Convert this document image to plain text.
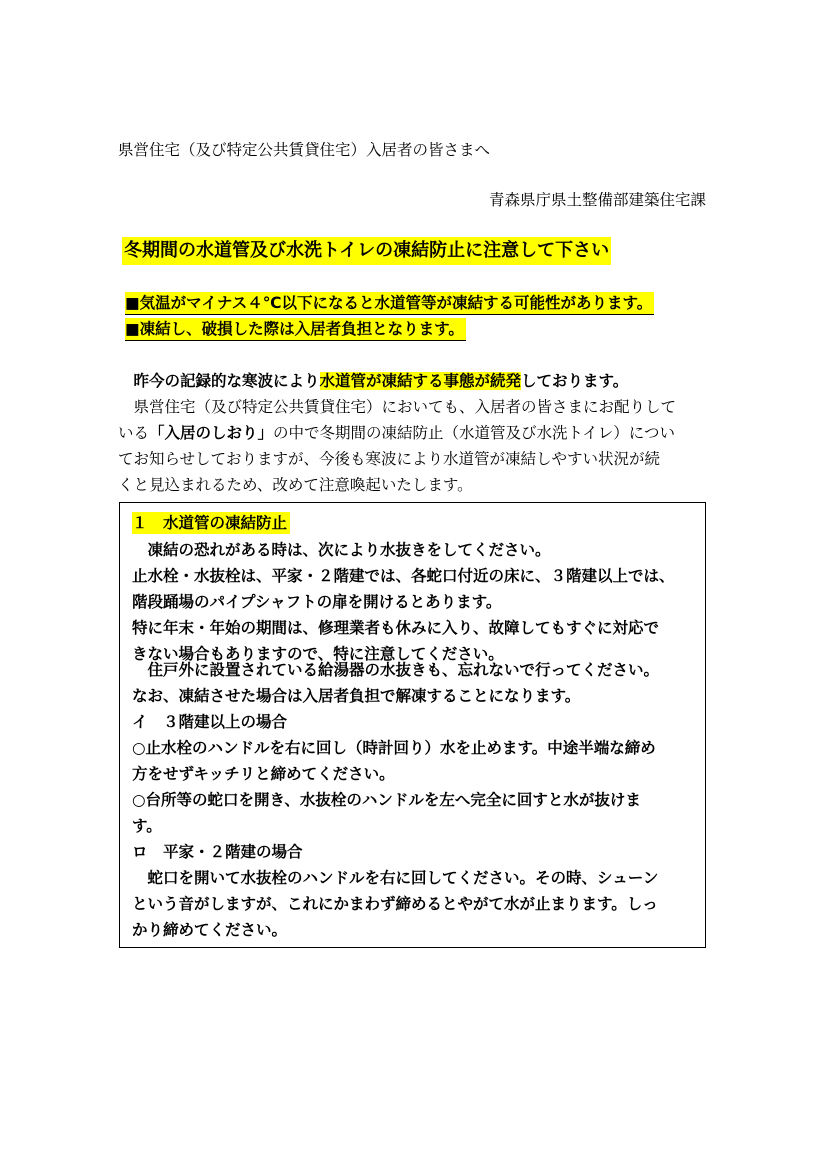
県営住宅（及び特定公共賃貸住宅）入居者の皆さまへ
青森県庁県土整備部建築住宅課
冬期間の水道管及び水洗トイレの凍結防止に注意して下さい
■気温がマイナス４℃以下になると水道管等が凍結する可能性があります。
■凍結し、破損した際は入居者負担となります。
　昨今の記録的な寒波により水道管が凍結する事態が続発しております。
　県営住宅（及び特定公共賃貸住宅）においても、入居者の皆さまにお配りして
いる「入居のしおり」の中で冬期間の凍結防止（水道管及び水洗トイレ）につい
てお知らせしておりますが、今後も寒波により水道管が凍結しやすい状況が続
くと見込まれるため、改めて注意喚起いたします。
１　水道管の凍結防止
　凍結の恐れがある時は、次により水抜きをしてください。
止水栓・水抜栓は、平家・２階建では、各蛇口付近の床に、３階建以上では、
階段踊場のパイプシャフトの扉を開けるとあります。
特に年末・年始の期間は、修理業者も休みに入り、故障してもすぐに対応で
きない場合もありますので、特に注意してください。
　住戸外に設置されている給湯器の水抜きも、忘れないで行ってください。
なお、凍結させた場合は入居者負担で解凍することになります。
イ　３階建以上の場合
○止水栓のハンドルを右に回し（時計回り）水を止めます。中途半端な締め
方をせずキッチリと締めてください。
○台所等の蛇口を開き、水抜栓のハンドルを左へ完全に回すと水が抜けま
す。
ロ　平家・２階建の場合
　蛇口を開いて水抜栓のハンドルを右に回してください。その時、シューン
という音がしますが、これにかまわず締めるとやがて水が止まります。しっ
かり締めてください。
